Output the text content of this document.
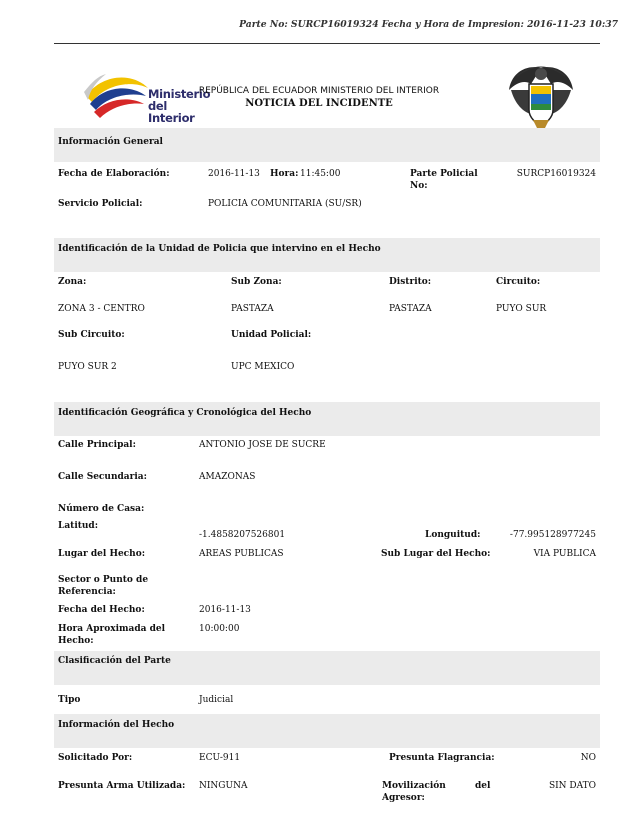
Parte No: SURCP16019324 Fecha y Hora de Impresion: 2016-11-23 10:37
Ministerio
del Interior
REPÚBLICA DEL ECUADOR MINISTERIO DEL INTERIOR
NOTICIA DEL INCIDENTE
Información General
Fecha de Elaboración:	2016-11-13 Hora: 11:45:00	Parte Policial
No:
SURCP16019324
Servicio Policial:	POLICIA COMUNITARIA (SU/SR)
Identificación de la Unidad de Policia que intervino en el Hecho
Zona:	Sub Zona:	Distrito:	Circuito:
ZONA 3 - CENTRO	PASTAZA	PASTAZA	PUYO SUR
Sub Circuito:	Unidad Policial:
PUYO SUR 2	UPC MEXICO
Identificación Geográfica y Cronológica del Hecho
Calle Principal:	ANTONIO JOSE DE SUCRE
Calle Secundaria:	AMAZONAS
Número de Casa:
Latitud:
-1.4858207526801	Longuitud:	-77.995128977245
Lugar del Hecho:	AREAS PUBLICAS	Sub Lugar del Hecho:	VIA PUBLICA
Sector o Punto de
Referencia:
Fecha del Hecho:	2016-11-13
Hora Aproximada del
Hecho:
10:00:00
Clasificación del Parte
Tipo	Judicial
Información del Hecho
Solicitado Por:	ECU-911	Presunta Flagrancia:	NO
Presunta Arma Utilizada: NINGUNA	Movilización	del
Agresor:
SIN DATO
